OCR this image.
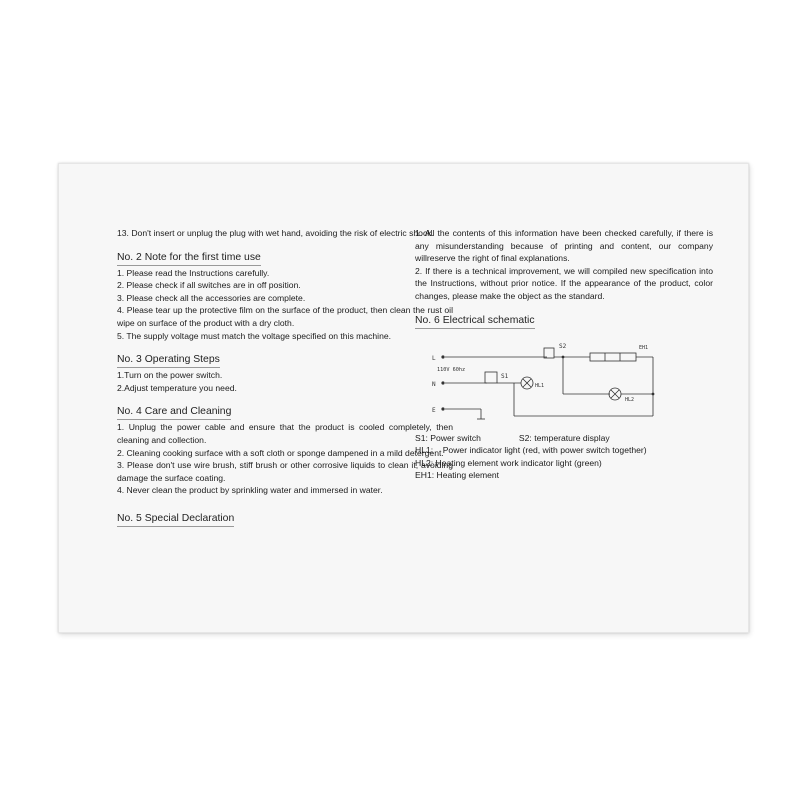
13. Don't insert or unplug the plug with wet hand, avoiding the risk of electric shock.

No. 2 Note for the first time use

1. Please read the Instructions carefully.

2. Please check if all switches are in off position.

3. Please check all the accessories are complete.

4. Please tear up the protective film on the surface of the product, then clean the rust oil wipe on surface of the product with a dry cloth.

5. The supply voltage must match the voltage specified on this machine.

No. 3 Operating Steps

1.Turn on the power switch.

2.Adjust temperature you need.

No. 4 Care and Cleaning

1. Unplug the power cable and ensure that the product is cooled completely, then cleaning and collection.

2. Cleaning cooking surface with a soft cloth or sponge dampened in a mild detergent.

3. Please don't use wire brush, stiff brush or other corrosive liquids to clean it, avoiding damage the surface coating.

4. Never clean the product by sprinkling water and immersed in water.

No. 5 Special Declaration

1. All the contents of this information have been checked carefully, if there is any misunderstanding because of printing and content, our company willreserve the right of final explanations.

2. If there is a technical improvement, we will compiled new specification into the Instructions, without prior notice. If the appearance of the product, color changes, please make the object as the standard.

No. 6 Electrical schematic
L
N
E
110V 60hz
S1
S2
HL1
HL2
EH1
S1: Power switch	S2: temperature display
HL1:    Power indicator light (red, with power switch together)
HL2: Heating element work indicator light (green)
EH1: Heating element
